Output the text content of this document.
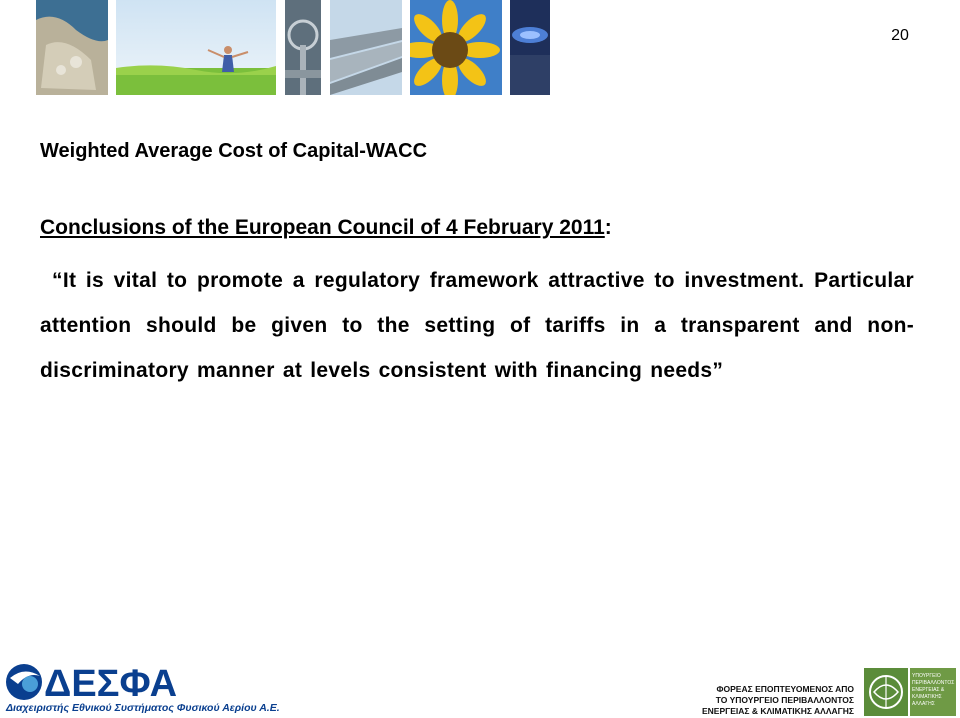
20
Weighted Average Cost of Capital-WACC
Conclusions of the European Council of 4 February 2011:
“It is vital to promote a regulatory framework attractive to investment. Particular attention should be given to the setting of tariffs in a transparent and non-discriminatory manner at levels consistent with financing needs”
ΔΕΣΦΑ
Διαχειριστής Εθνικού Συστήματος Φυσικού Αερίου Α.Ε.
ΦΟΡΕΑΣ ΕΠΟΠΤΕΥΟΜΕΝΟΣ ΑΠΟ
ΤΟ ΥΠΟΥΡΓΕΙΟ ΠΕΡΙΒΑΛΛΟΝΤΟΣ
ΕΝΕΡΓΕΙΑΣ & ΚΛΙΜΑΤΙΚΗΣ ΑΛΛΑΓΗΣ
ΥΠΟΥΡΓΕΙΟ ΠΕΡΙΒΑΛΛΟΝΤΟΣ ΕΝΕΡΓΕΙΑΣ & ΚΛΙΜΑΤΙΚΗΣ ΑΛΛΑΓΗΣ
